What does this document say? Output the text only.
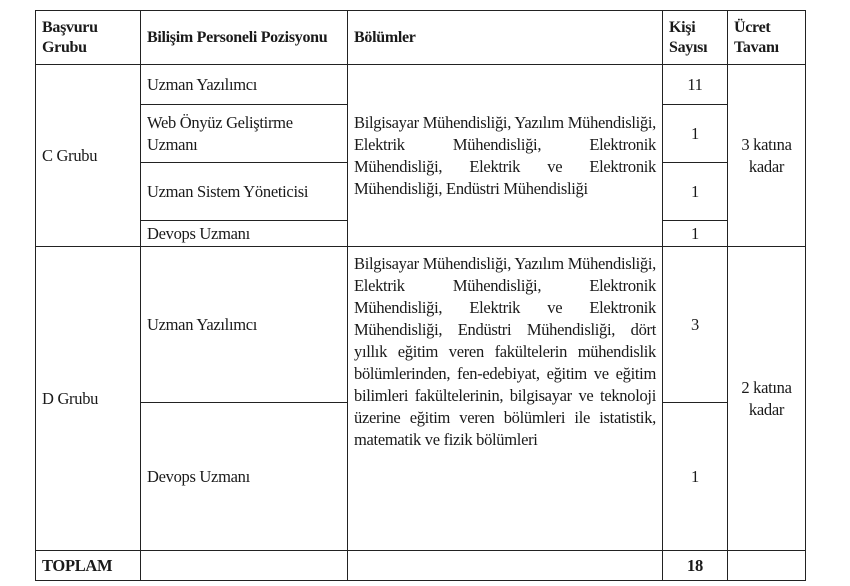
Başvuru Grubu	Bilişim Personeli Pozisyonu	Bölümler	Kişi Sayısı	Ücret Tavanı
C Grubu	Uzman Yazılımcı	Bilgisayar Mühendisliği, Yazılım Mühendisliği, Elektrik Mühendisliği, Elektronik Mühendisliği, Elektrik ve Elektronik Mühendisliği, Endüstri Mühendisliği	11	3 katına kadar
	Web Önyüz Geliştirme Uzmanı		1	
	Uzman Sistem Yöneticisi		1	
	Devops Uzmanı		1	
D Grubu	Uzman Yazılımcı	Bilgisayar Mühendisliği, Yazılım Mühendisliği, Elektrik Mühendisliği, Elektronik Mühendisliği, Elektrik ve Elektronik Mühendisliği, Endüstri Mühendisliği, dört yıllık eğitim veren fakültelerin mühendislik bölümlerinden, fen-edebiyat, eğitim ve eğitim bilimleri fakültelerinin, bilgisayar ve teknoloji üzerine eğitim veren bölümleri ile istatistik, matematik ve fizik bölümleri	3	2 katına kadar
	Devops Uzmanı		1	
TOPLAM			18	
